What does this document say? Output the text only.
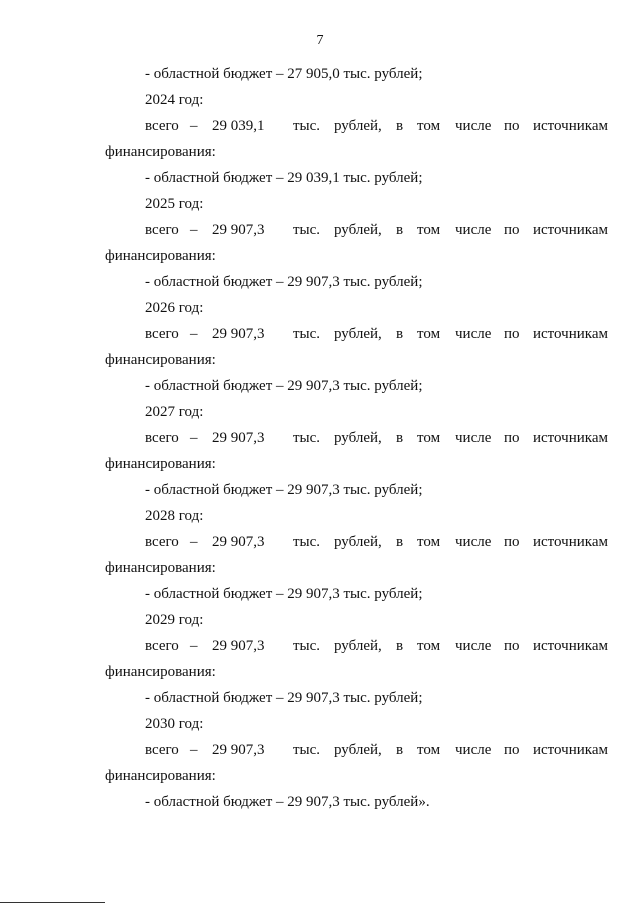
7
- областной бюджет – 27 905,0 тыс. рублей;
2024 год:
всего – 29 039,1 тыс. рублей, в том числе по источникам
финансирования:
- областной бюджет – 29 039,1 тыс. рублей;
2025 год:
всего – 29 907,3 тыс. рублей, в том числе по источникам
финансирования:
- областной бюджет – 29 907,3 тыс. рублей;
2026 год:
всего – 29 907,3 тыс. рублей, в том числе по источникам
финансирования:
- областной бюджет – 29 907,3 тыс. рублей;
2027 год:
всего – 29 907,3 тыс. рублей, в том числе по источникам
финансирования:
- областной бюджет – 29 907,3 тыс. рублей;
2028 год:
всего – 29 907,3 тыс. рублей, в том числе по источникам
финансирования:
- областной бюджет – 29 907,3 тыс. рублей;
2029 год:
всего – 29 907,3 тыс. рублей, в том числе по источникам
финансирования:
- областной бюджет – 29 907,3 тыс. рублей;
2030 год:
всего – 29 907,3 тыс. рублей, в том числе по источникам
финансирования:
- областной бюджет – 29 907,3 тыс. рублей».
